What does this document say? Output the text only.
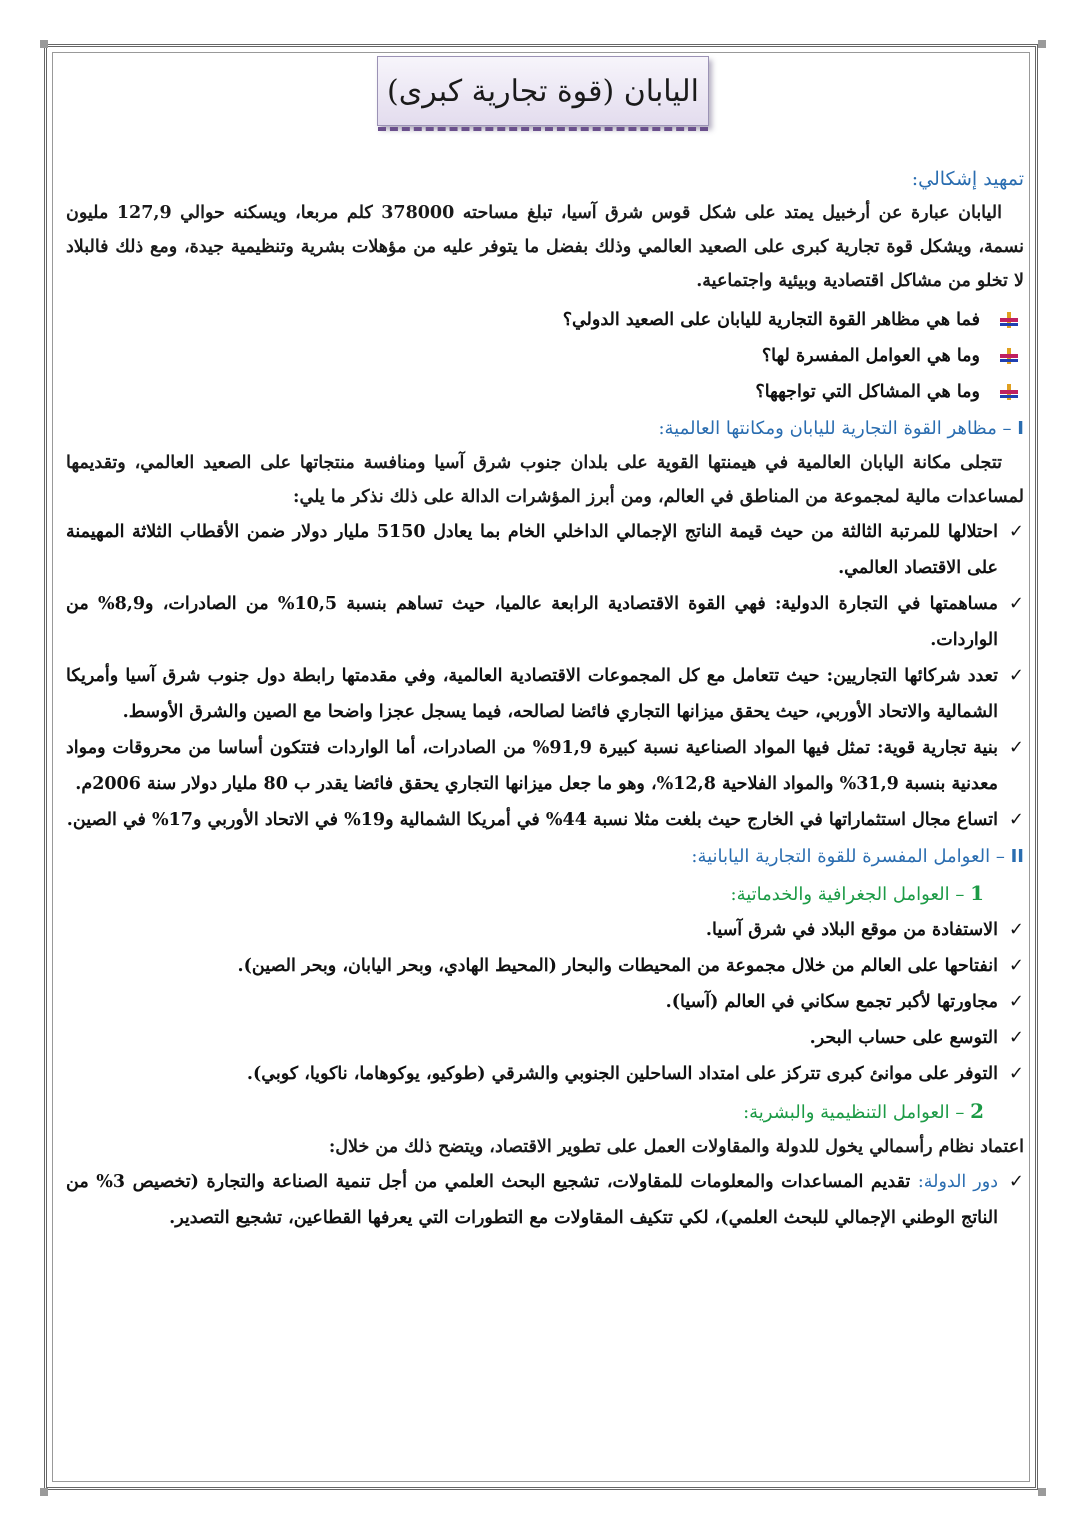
اليابان (قوة تجارية كبرى)
تمهيد إشكالي:

اليابان عبارة عن أرخبيل يمتد على شكل قوس شرق آسيا، تبلغ مساحته 378000 كلم مربعا، ويسكنه حوالي 127,9 مليون نسمة، ويشكل قوة تجارية كبرى على الصعيد العالمي وذلك بفضل ما يتوفر عليه من مؤهلات بشرية وتنظيمية جيدة، ومع ذلك فالبلاد لا تخلو من مشاكل اقتصادية وبيئية واجتماعية.

فما هي مظاهر القوة التجارية لليابان على الصعيد الدولي؟
وما هي العوامل المفسرة لها؟
وما هي المشاكل التي تواجهها؟
I – مظاهر القوة التجارية لليابان ومكانتها العالمية:

تتجلى مكانة اليابان العالمية في هيمنتها القوية على بلدان جنوب شرق آسيا ومنافسة منتجاتها على الصعيد العالمي، وتقديمها لمساعدات مالية لمجموعة من المناطق في العالم، ومن أبرز المؤشرات الدالة على ذلك نذكر ما يلي:

✓
احتلالها للمرتبة الثالثة من حيث قيمة الناتج الإجمالي الداخلي الخام بما يعادل 5150 مليار دولار ضمن الأقطاب الثلاثة المهيمنة على الاقتصاد العالمي.
✓
مساهمتها في التجارة الدولية: فهي القوة الاقتصادية الرابعة عالميا، حيث تساهم بنسبة 10,5% من الصادرات، و8,9% من الواردات.
✓
تعدد شركائها التجاريين: حيث تتعامل مع كل المجموعات الاقتصادية العالمية، وفي مقدمتها رابطة دول جنوب شرق آسيا وأمريكا الشمالية والاتحاد الأوربي، حيث يحقق ميزانها التجاري فائضا لصالحه، فيما يسجل عجزا واضحا مع الصين والشرق الأوسط.
✓
بنية تجارية قوية: تمثل فيها المواد الصناعية نسبة كبيرة 91,9% من الصادرات، أما الواردات فتتكون أساسا من محروقات ومواد معدنية بنسبة 31,9% والمواد الفلاحية 12,8%، وهو ما جعل ميزانها التجاري يحقق فائضا يقدر ب 80 مليار دولار سنة 2006م.
✓
اتساع مجال استثماراتها في الخارج حيث بلغت مثلا نسبة 44% في أمريكا الشمالية و19% في الاتحاد الأوربي و17% في الصين.
II – العوامل المفسرة للقوة التجارية اليابانية:
1 – العوامل الجغرافية والخدماتية:
✓
الاستفادة من موقع البلاد في شرق آسيا.
✓
انفتاحها على العالم من خلال مجموعة من المحيطات والبحار (المحيط الهادي، وبحر اليابان، وبحر الصين).
✓
مجاورتها لأكبر تجمع سكاني في العالم (آسيا).
✓
التوسع على حساب البحر.
✓
التوفر على موانئ كبرى تتركز على امتداد الساحلين الجنوبي والشرقي (طوكيو، يوكوهاما، ناكويا، كوبي).
2 – العوامل التنظيمية والبشرية:

اعتماد نظام رأسمالي يخول للدولة والمقاولات العمل على تطوير الاقتصاد، ويتضح ذلك من خلال:

✓
دور الدولة: تقديم المساعدات والمعلومات للمقاولات، تشجيع البحث العلمي من أجل تنمية الصناعة والتجارة (تخصيص 3% من الناتج الوطني الإجمالي للبحث العلمي)، لكي تتكيف المقاولات مع التطورات التي يعرفها القطاعين، تشجيع التصدير.
